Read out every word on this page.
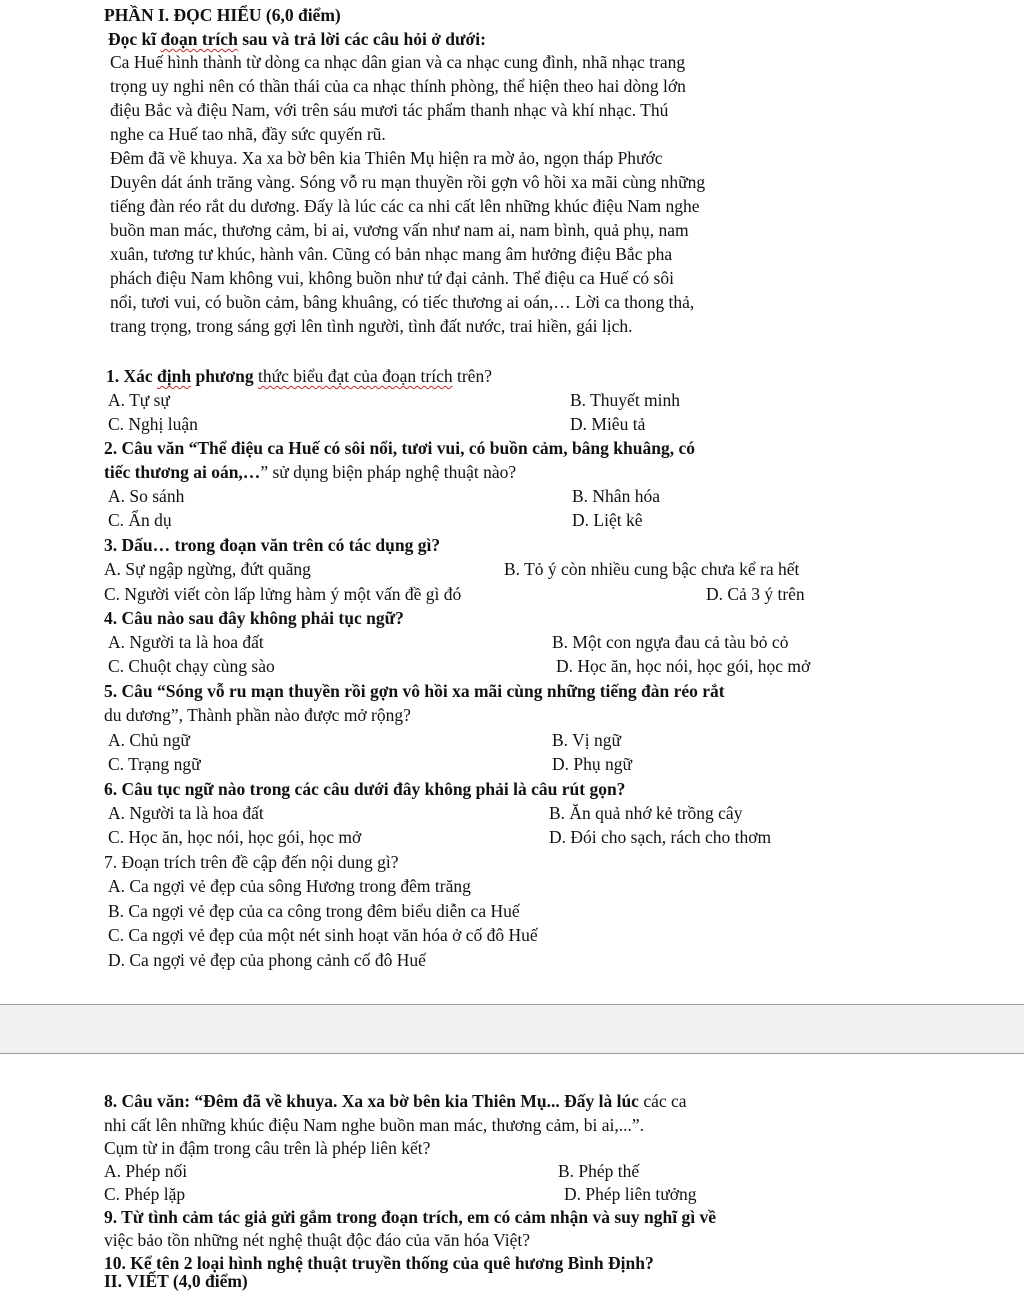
PHẦN I. ĐỌC HIỂU (6,0 điểm)
Đọc kĩ đoạn trích sau và trả lời các câu hỏi ở dưới:
Ca Huế hình thành từ dòng ca nhạc dân gian và ca nhạc cung đình, nhã nhạc trang
trọng uy nghi nên có thần thái của ca nhạc thính phòng, thể hiện theo hai dòng lớn
điệu Bắc và điệu Nam, với trên sáu mươi tác phẩm thanh nhạc và khí nhạc. Thú
nghe ca Huế tao nhã, đầy sức quyến rũ.
Đêm đã về khuya. Xa xa bờ bên kia Thiên Mụ hiện ra mờ ảo, ngọn tháp Phước
Duyên dát ánh trăng vàng. Sóng vỗ ru mạn thuyền rồi gợn vô hồi xa mãi cùng những
tiếng đàn réo rắt du dương. Đấy là lúc các ca nhi cất lên những khúc điệu Nam nghe
buồn man mác, thương cảm, bi ai, vương vấn như nam ai, nam bình, quả phụ, nam
xuân, tương tư khúc, hành vân. Cũng có bản nhạc mang âm hưởng điệu Bắc pha
phách điệu Nam không vui, không buồn như tứ đại cảnh. Thể điệu ca Huế có sôi
nổi, tươi vui, có buồn cảm, bâng khuâng, có tiếc thương ai oán,… Lời ca thong thả,
trang trọng, trong sáng gợi lên tình người, tình đất nước, trai hiền, gái lịch.
1. Xác định phương thức biểu đạt của đoạn trích trên?
A. Tự sự	B. Thuyết minh
C. Nghị luận	D. Miêu tả
2. Câu văn “Thể điệu ca Huế có sôi nổi, tươi vui, có buồn cảm, bâng khuâng, có
tiếc thương ai oán,…” sử dụng biện pháp nghệ thuật nào?
A. So sánh	B. Nhân hóa
C. Ẩn dụ	D. Liệt kê
3. Dấu… trong đoạn văn trên có tác dụng gì?
A. Sự ngập ngừng, đứt quãng	B. Tỏ ý còn nhiều cung bậc chưa kể ra hết
C. Người viết còn lấp lửng hàm ý một vấn đề gì đó	D. Cả 3 ý trên
4. Câu nào sau đây không phải tục ngữ?
A. Người ta là hoa đất	B. Một con ngựa đau cả tàu bỏ cỏ
C. Chuột chạy cùng sào	D. Học ăn, học nói, học gói, học mở
5. Câu “Sóng vỗ ru mạn thuyền rồi gợn vô hồi xa mãi cùng những tiếng đàn réo rắt
du dương”, Thành phần nào được mở rộng?
A. Chủ ngữ	B. Vị ngữ
C. Trạng ngữ	D. Phụ ngữ
6. Câu tục ngữ nào trong các câu dưới đây không phải là câu rút gọn?
A. Người ta là hoa đất	B. Ăn quả nhớ kẻ trồng cây
C. Học ăn, học nói, học gói, học mở	D. Đói cho sạch, rách cho thơm
7. Đoạn trích trên đề cập đến nội dung gì?
A. Ca ngợi vẻ đẹp của sông Hương trong đêm trăng
B. Ca ngợi vẻ đẹp của ca công trong đêm biểu diễn ca Huế
C. Ca ngợi vẻ đẹp của một nét sinh hoạt văn hóa ở cố đô Huế
D. Ca ngợi vẻ đẹp của phong cảnh cố đô Huế
8. Câu văn: “Đêm đã về khuya. Xa xa bờ bên kia Thiên Mụ... Đấy là lúc các ca
nhi cất lên những khúc điệu Nam nghe buồn man mác, thương cảm, bi ai,...”.
Cụm từ in đậm trong câu trên là phép liên kết?
A. Phép nối	B. Phép thế
C. Phép lặp	D. Phép liên tưởng
9. Từ tình cảm tác giả gửi gắm trong đoạn trích, em có cảm nhận và suy nghĩ gì về
việc bảo tồn những nét nghệ thuật độc đáo của văn hóa Việt?
10. Kể tên 2 loại hình nghệ thuật truyền thống của quê hương Bình Định?
II. VIẾT (4,0 điểm)
